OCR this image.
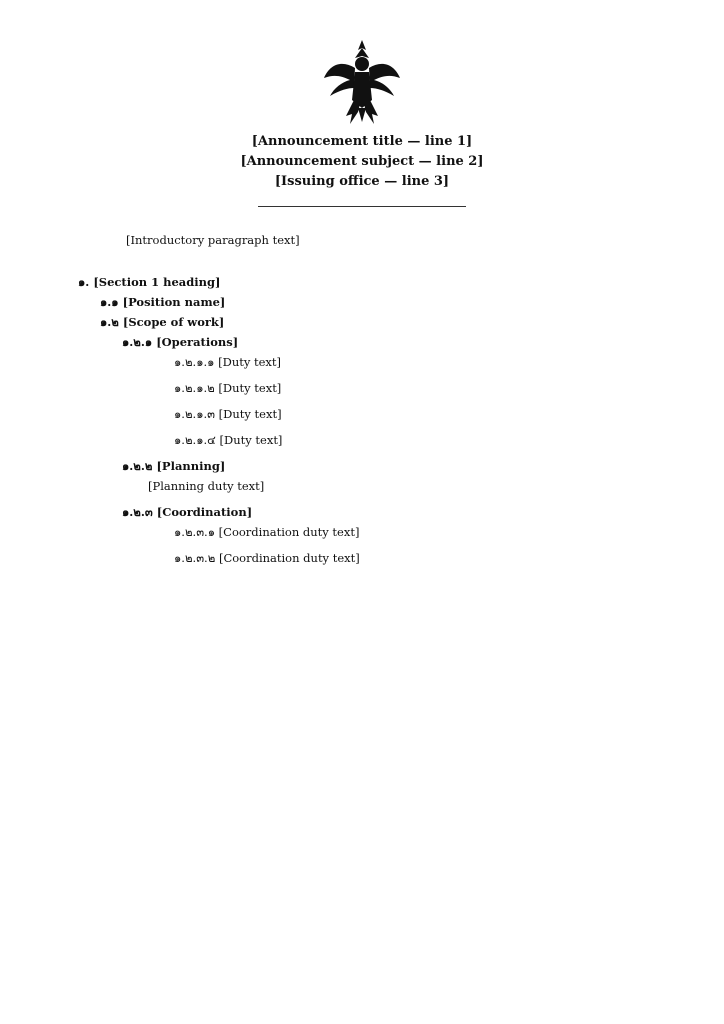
[Announcement title — line 1]
[Announcement subject — line 2]
[Issuing office — line 3]

[Introductory paragraph text]

๑. [Section 1 heading]

๑.๑ [Position name]

๑.๒ [Scope of work]

๑.๒.๑ [Operations]

๑.๒.๑.๑ [Duty text]

๑.๒.๑.๒ [Duty text]

๑.๒.๑.๓ [Duty text]

๑.๒.๑.๔ [Duty text]

๑.๒.๒ [Planning]

[Planning duty text]

๑.๒.๓ [Coordination]

๑.๒.๓.๑ [Coordination duty text]

๑.๒.๓.๒ [Coordination duty text]
